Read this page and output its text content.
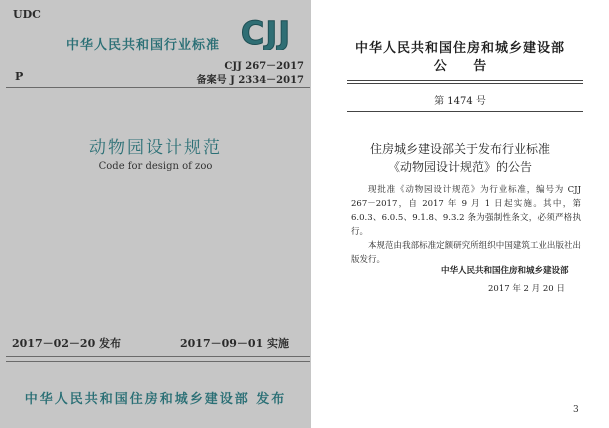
UDC
中华人民共和国行业标准 CJJ
P
CJJ 267－2017
备案号 J 2334－2017
动物园设计规范
Code for design of zoo
2017－02－20 发布	2017－09－01 实施
中华人民共和国住房和城乡建设部 发布
中华人民共和国住房和城乡建设部
公 告
第 1474 号
住房城乡建设部关于发布行业标准
《动物园设计规范》的公告

现批准《动物园设计规范》为行业标准，编号为 CJJ 267－2017，自 2017 年 9 月 1 日起实施。其中，第 6.0.3、6.0.5、9.1.8、9.3.2 条为强制性条文，必须严格执行。

本规范由我部标准定额研究所组织中国建筑工业出版社出版发行。

中华人民共和国住房和城乡建设部
2017 年 2 月 20 日
3
